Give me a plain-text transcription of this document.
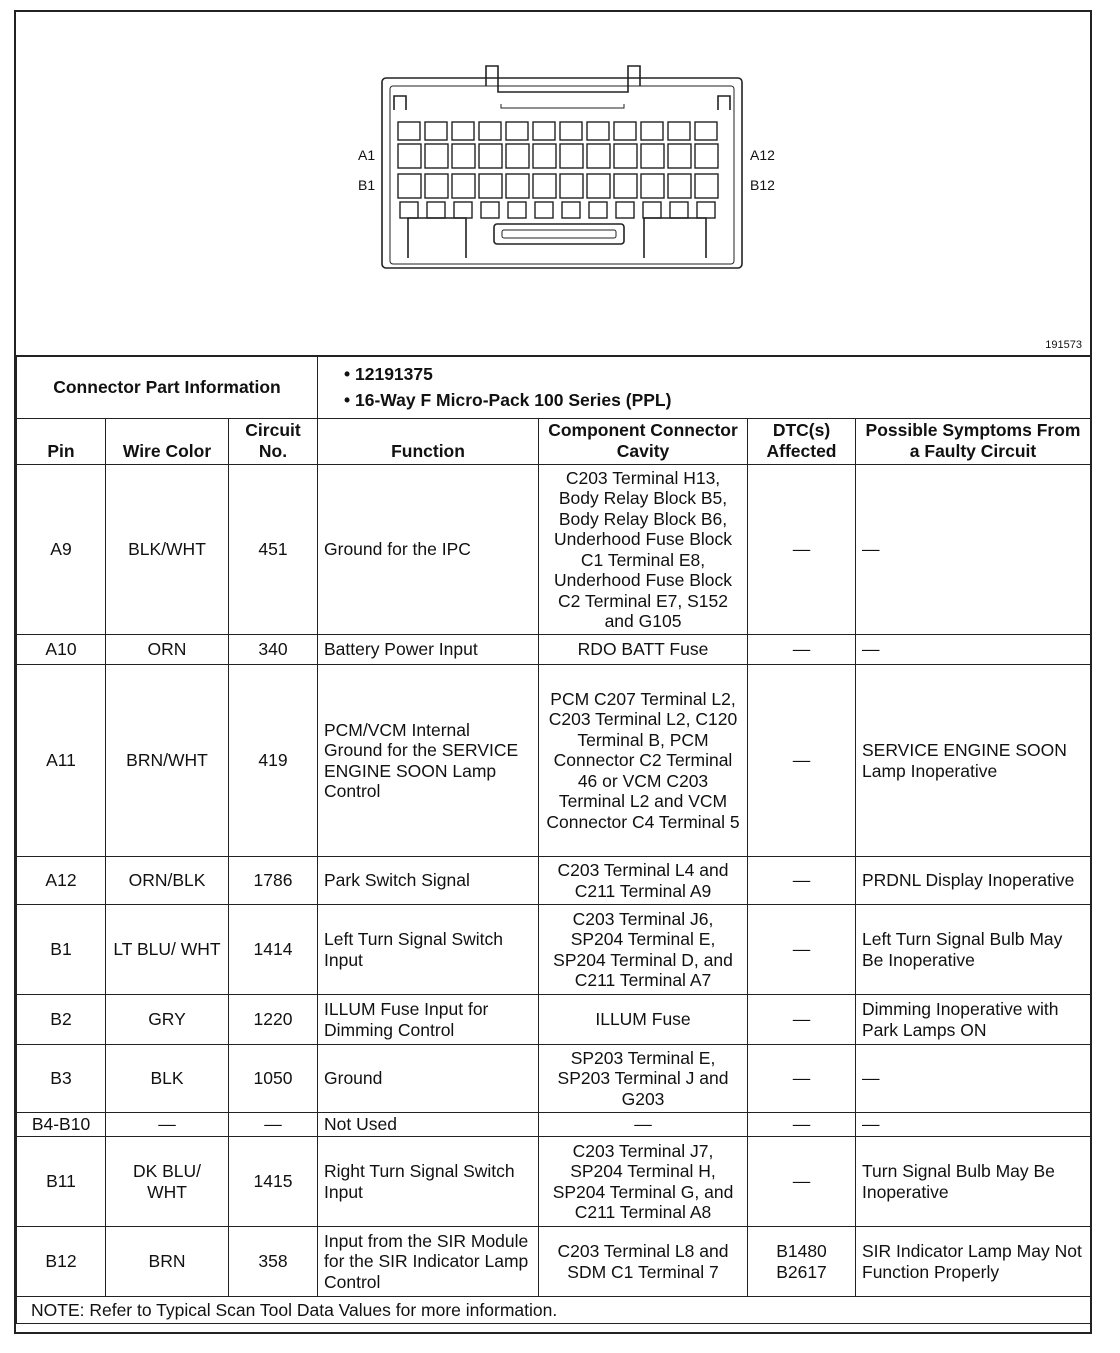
A1
B1
A12
B12
191573
Connector Part Information			• 12191375
• 16-Way F Micro-Pack 100 Series (PPL)			

Pin	Wire Color	Circuit No.	Function	Component Connector Cavity	DTC(s) Affected	Possible Symptoms From a Faulty Circuit
A9	BLK/WHT	451	Ground for the IPC	C203 Terminal H13, Body Relay Block B5, Body Relay Block B6, Underhood Fuse Block C1 Terminal E8, Underhood Fuse Block C2 Terminal E7, S152 and G105	—	—
A10	ORN	340	Battery Power Input	RDO BATT Fuse	—	—
A11	BRN/WHT	419	PCM/VCM Internal Ground for the SERVICE ENGINE SOON Lamp Control	PCM C207 Terminal L2, C203 Terminal L2, C120 Terminal B, PCM Connector C2 Terminal 46 or VCM C203 Terminal L2 and VCM Connector C4 Terminal 5	—	SERVICE ENGINE SOON Lamp Inoperative
A12	ORN/BLK	1786	Park Switch Signal	C203 Terminal L4 and C211 Terminal A9	—	PRDNL Display Inoperative
B1	LT BLU/ WHT	1414	Left Turn Signal Switch Input	C203 Terminal J6, SP204 Terminal E, SP204 Terminal D, and C211 Terminal A7	—	Left Turn Signal Bulb May Be Inoperative
B2	GRY	1220	ILLUM Fuse Input for Dimming Control	ILLUM Fuse	—	Dimming Inoperative with Park Lamps ON
B3	BLK	1050	Ground	SP203 Terminal E, SP203 Terminal J and G203	—	—
B4-B10	—	—	Not Used	—	—	—
B11	DK BLU/ WHT	1415	Right Turn Signal Switch Input	C203 Terminal J7, SP204 Terminal H, SP204 Terminal G, and C211 Terminal A8	—	Turn Signal Bulb May Be Inoperative
B12	BRN	358	Input from the SIR Module for the SIR Indicator Lamp Control	C203 Terminal L8 and SDM C1 Terminal 7	B1480 B2617	SIR Indicator Lamp May Not Function Properly
NOTE: Refer to Typical Scan Tool Data Values for more information.						
